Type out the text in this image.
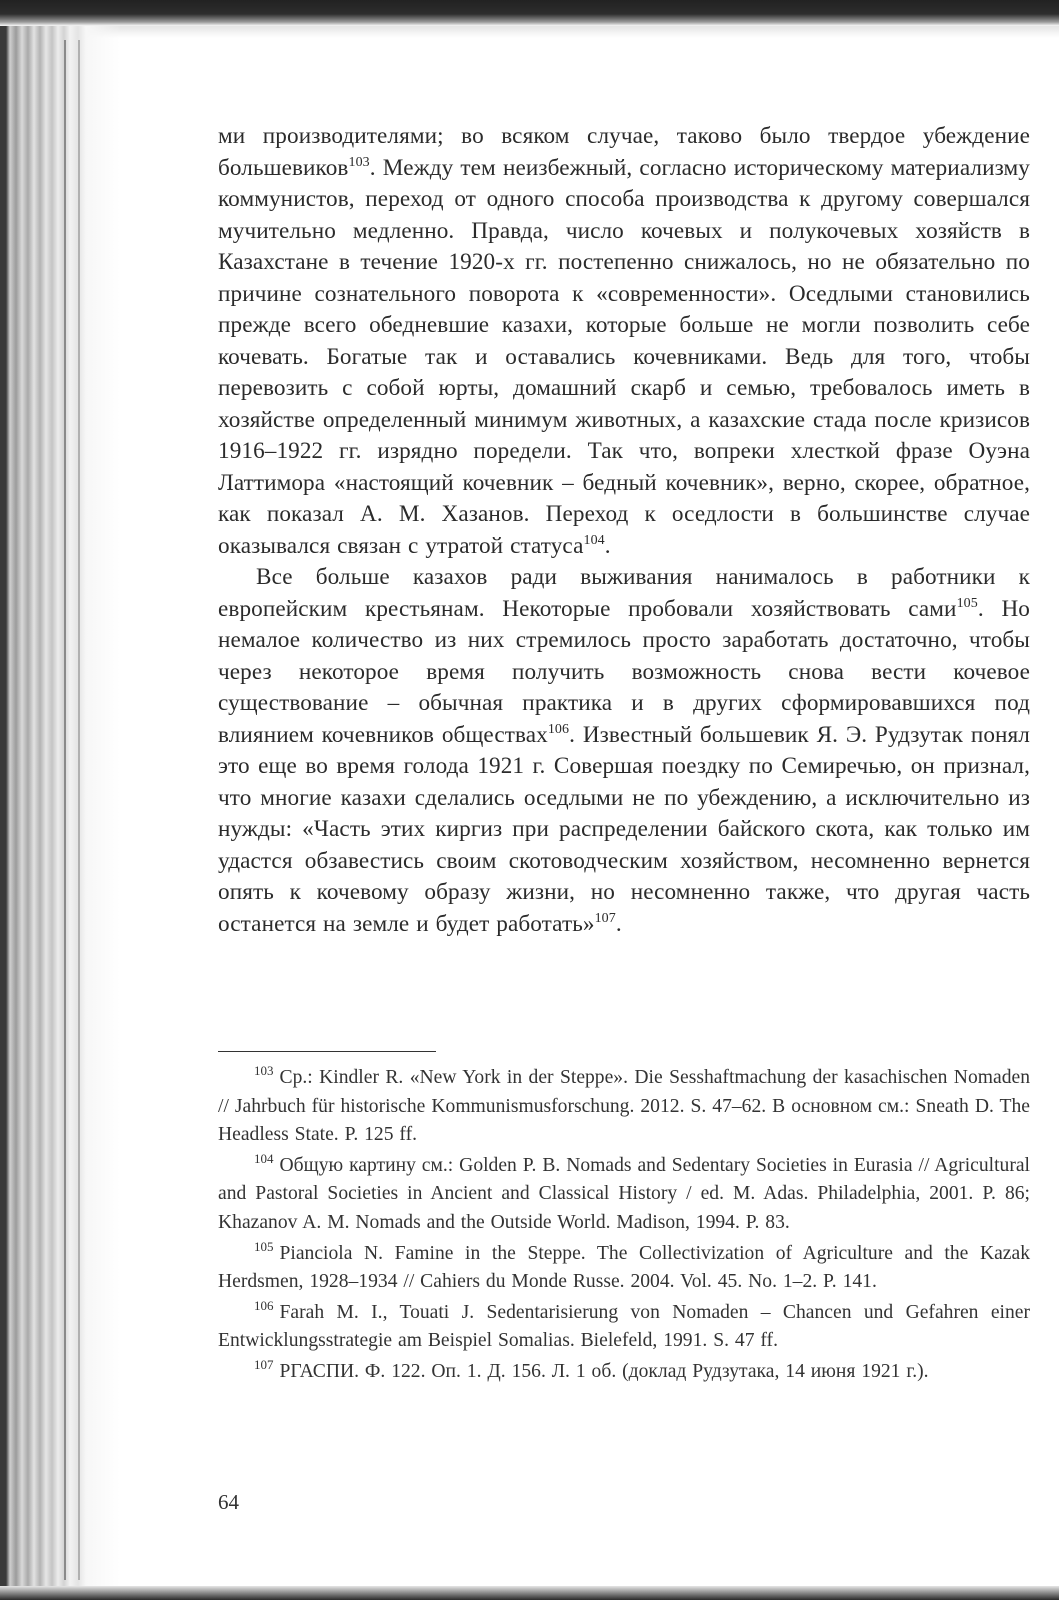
ми производителями; во всяком случае, таково было твердое убеждение большевиков$^{103}$. Между тем неизбежный, согласно историческому материализму коммунистов, переход от одного способа производства к другому совершался мучительно медленно. Правда, число кочевых и полукочевых хозяйств в Казахстане в течение 1920-х гг. постепенно снижалось, но не обязательно по причине сознательного поворота к «современности». Оседлыми становились прежде всего обедневшие казахи, которые больше не могли позволить себе кочевать. Богатые так и оставались кочевниками. Ведь для того, чтобы перевозить с собой юрты, домашний скарб и семью, требовалось иметь в хозяйстве определенный минимум животных, а казахские стада после кризисов 1916–1922 гг. изрядно поредели. Так что, вопреки хлесткой фразе Оуэна Латтимора «настоящий кочевник – бедный кочевник», верно, скорее, обратное, как показал А. М. Хазанов. Переход к оседлости в большинстве случае оказывался связан с утратой статуса$^{104}$.

Все больше казахов ради выживания нанималось в работники к европейским крестьянам. Некоторые пробовали хозяйствовать сами$^{105}$. Но немалое количество из них стремилось просто заработать достаточно, чтобы через некоторое время получить возможность снова вести кочевое существование – обычная практика и в других сформировавшихся под влиянием кочевников обществах$^{106}$. Известный большевик Я. Э. Рудзутак понял это еще во время голода 1921 г. Совершая поездку по Семиречью, он признал, что многие казахи сделались оседлыми не по убеждению, а исключительно из нужды: «Часть этих киргиз при распределении байского скота, как только им удастся обзавестись своим скотоводческим хозяйством, несомненно вернется опять к кочевому образу жизни, но несомненно также, что другая часть останется на земле и будет работать»$^{107}$.

$^{103}$ Ср.: Kindler R. «New York in der Steppe». Die Sesshaftmachung der kasachischen Nomaden // Jahrbuch für historische Kommunismusforschung. 2012. S. 47–62. В основном см.: Sneath D. The Headless State. P. 125 ff.

$^{104}$ Общую картину см.: Golden P. B. Nomads and Sedentary Societies in Eurasia // Agricultural and Pastoral Societies in Ancient and Classical History / ed. M. Adas. Philadelphia, 2001. P. 86; Khazanov A. M. Nomads and the Outside World. Madison, 1994. P. 83.

$^{105}$ Pianciola N. Famine in the Steppe. The Collectivization of Agriculture and the Kazak Herdsmen, 1928–1934 // Cahiers du Monde Russe. 2004. Vol. 45. No. 1–2. P. 141.

$^{106}$ Farah M. I., Touati J. Sedentarisierung von Nomaden – Chancen und Gefahren einer Entwicklungsstrategie am Beispiel Somalias. Bielefeld, 1991. S. 47 ff.

$^{107}$ РГАСПИ. Ф. 122. Оп. 1. Д. 156. Л. 1 об. (доклад Рудзутака, 14 июня 1921 г.).

64
